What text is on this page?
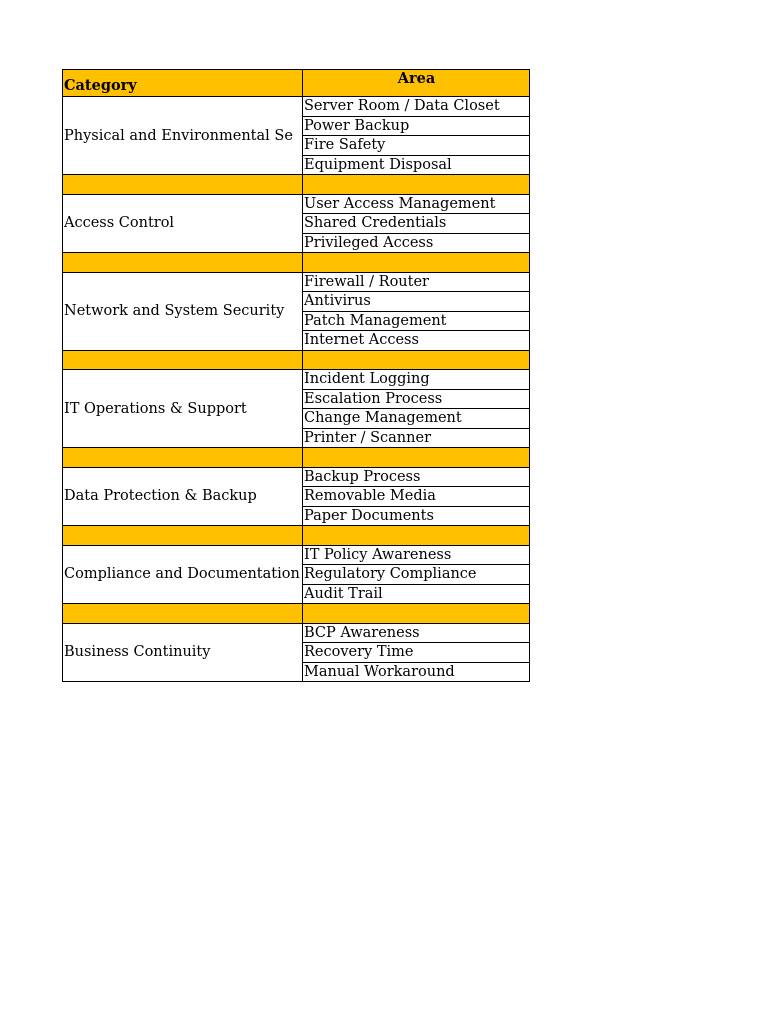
Category	Area
Physical and Environmental Se	Server Room / Data Closet
	Power Backup
	Fire Safety
	Equipment Disposal

Access Control	User Access Management
	Shared Credentials
	Privileged Access

Network and System Security	Firewall / Router
	Antivirus
	Patch Management
	Internet Access

IT Operations & Support	Incident Logging
	Escalation Process
	Change Management
	Printer / Scanner

Data Protection & Backup	Backup Process
	Removable Media
	Paper Documents

Compliance and Documentation	IT Policy Awareness
	Regulatory Compliance
	Audit Trail

Business Continuity	BCP Awareness
	Recovery Time
	Manual Workaround
